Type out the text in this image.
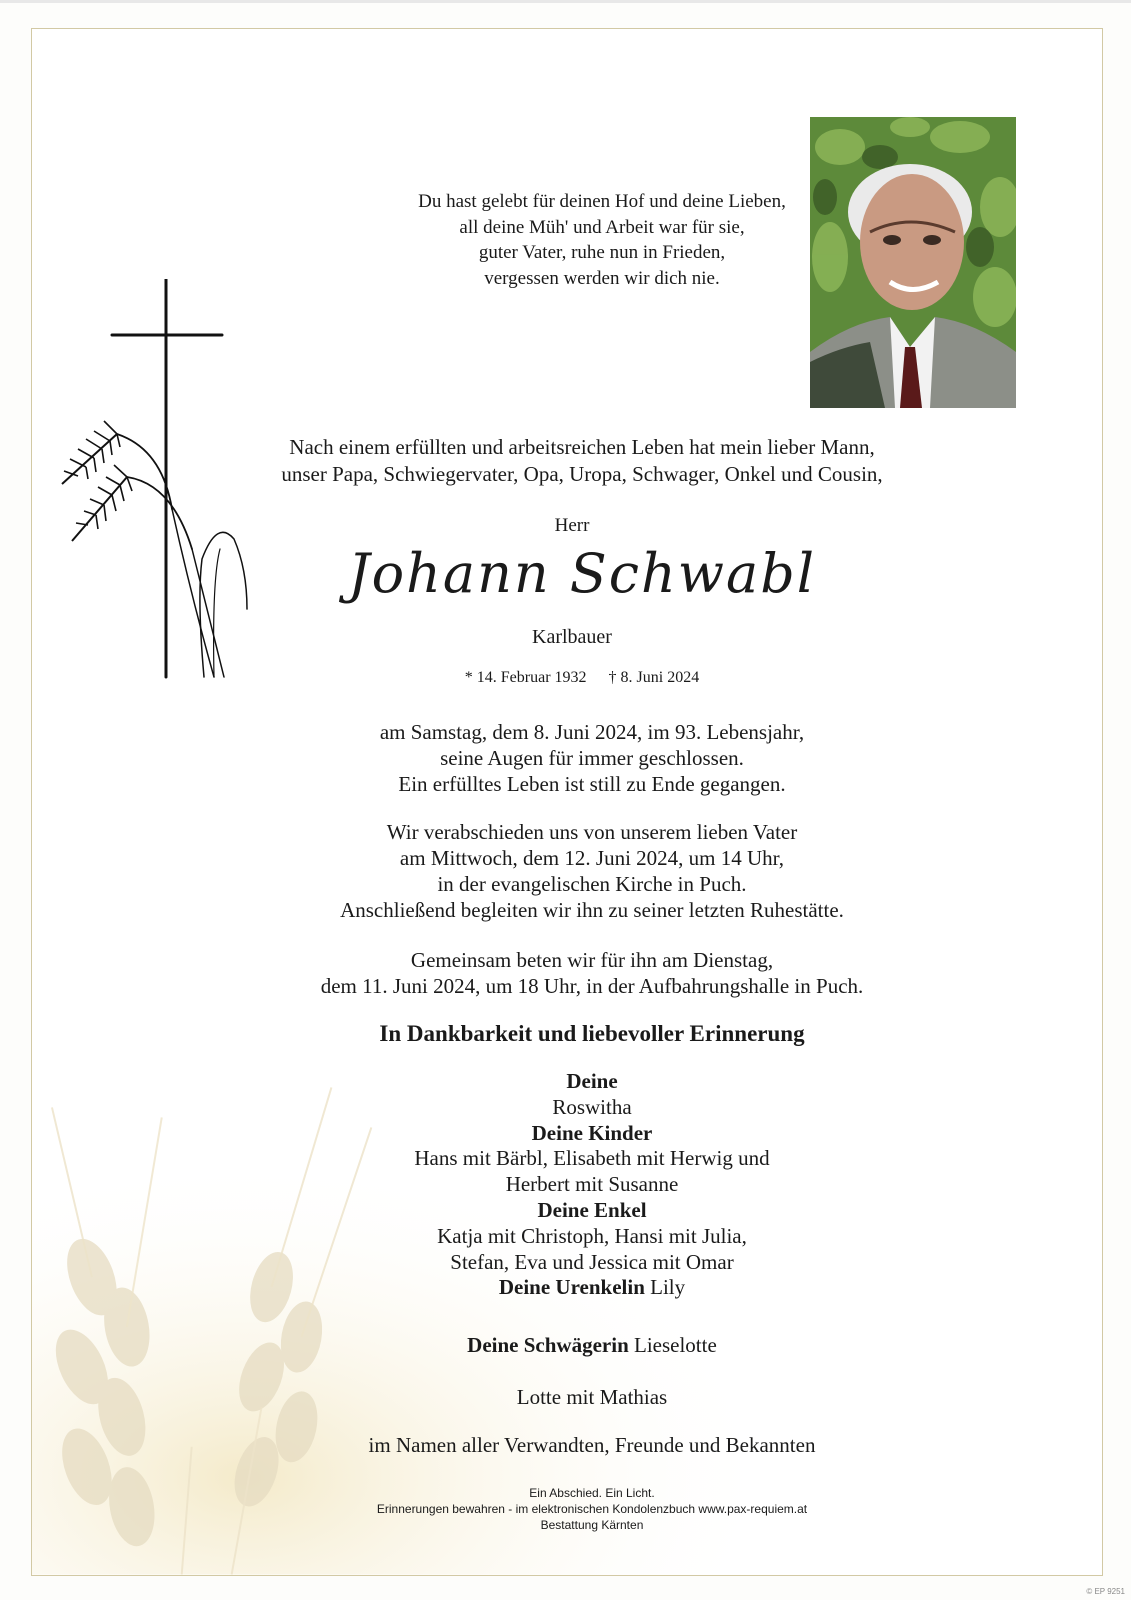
Du hast gelebt für deinen Hof und deine Lieben,
all deine Müh' und Arbeit war für sie,
guter Vater, ruhe nun in Frieden,
vergessen werden wir dich nie.
Nach einem erfüllten und arbeitsreichen Leben hat mein lieber Mann,
unser Papa, Schwiegervater, Opa, Uropa, Schwager, Onkel und Cousin,
Herr
Johann Schwabl
Karlbauer
* 14. Februar 1932 † 8. Juni 2024
am Samstag, dem 8. Juni 2024, im 93. Lebensjahr,
seine Augen für immer geschlossen.
Ein erfülltes Leben ist still zu Ende gegangen.
Wir verabschieden uns von unserem lieben Vater
am Mittwoch, dem 12. Juni 2024, um 14 Uhr,
in der evangelischen Kirche in Puch.
Anschließend begleiten wir ihn zu seiner letzten Ruhestätte.
Gemeinsam beten wir für ihn am Dienstag,
dem 11. Juni 2024, um 18 Uhr, in der Aufbahrungshalle in Puch.
In Dankbarkeit und liebevoller Erinnerung
Deine
Roswitha
Deine Kinder
Hans mit Bärbl, Elisabeth mit Herwig und
Herbert mit Susanne
Deine Enkel
Katja mit Christoph, Hansi mit Julia,
Stefan, Eva und Jessica mit Omar
Deine Urenkelin Lily
Deine Schwägerin Lieselotte
Lotte mit Mathias
im Namen aller Verwandten, Freunde und Bekannten
Ein Abschied. Ein Licht.
Erinnerungen bewahren - im elektronischen Kondolenzbuch www.pax-requiem.at
Bestattung Kärnten
© EP 9251
